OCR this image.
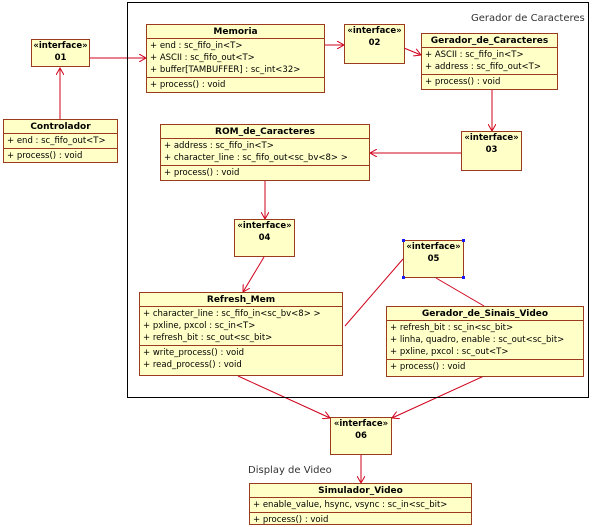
Gerador de Caracteres
Display de Video
«interface»
01
Controlador
+ end : sc_fifo_out<T>
+ process() : void
Memoria
+ end : sc_fifo_in<T>
+ ASCII : sc_fifo_out<T>
+ buffer[TAMBUFFER] : sc_int<32>
+ process() : void
«interface»
02	Gerador_de_Caracteres
+ ASCII : sc_fifo_in<T>
+ address : sc_fifo_out<T>
+ process() : void
«interface»
03
ROM_de_Caracteres
+ address : sc_fifo_in<T>
+ character_line : sc_fifo_out<sc_bv<8> >
+ process() : void
«interface»
04
«interface»
05
Refresh_Mem
+ character_line : sc_fifo_in<sc_bv<8> >
+ pxline, pxcol : sc_in<T>
+ refresh_bit : sc_out<sc_bit>
+ write_process() : void
+ read_process() : void
Gerador_de_Sinais_Video
+ refresh_bit : sc_in<sc_bit>
+ linha, quadro, enable : sc_out<sc_bit>
+ pxline, pxcol : sc_out<T>
+ process() : void
«interface»
06
Simulador_Video
+ enable_value, hsync, vsync : sc_in<sc_bit>
+ process() : void
